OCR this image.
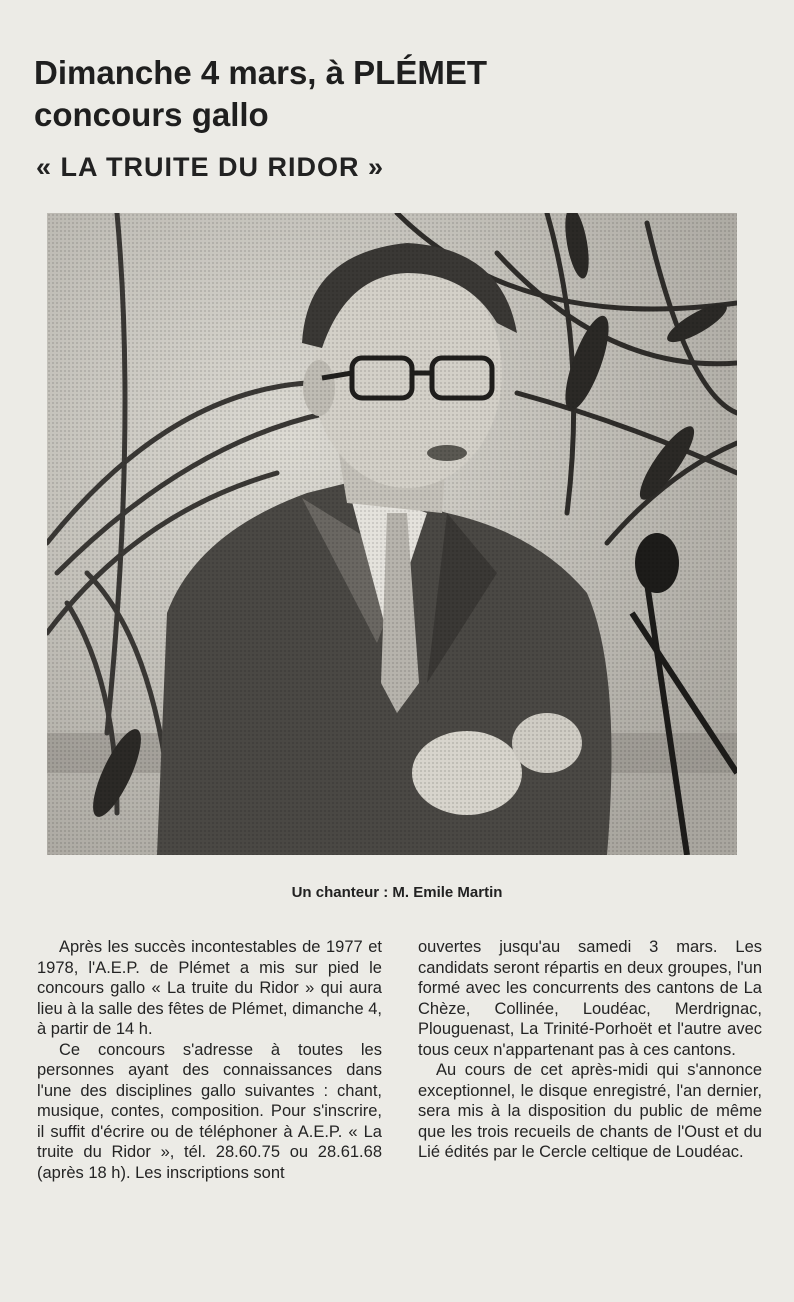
Dimanche 4 mars, à PLÉMET
concours gallo
« LA TRUITE DU RIDOR »
Un chanteur : M. Emile Martin

Après les succès incontestables de 1977 et 1978, l'A.E.P. de Plémet a mis sur pied le concours gallo « La truite du Ridor » qui aura lieu à la salle des fêtes de Plémet, dimanche 4, à partir de 14 h.

Ce concours s'adresse à toutes les personnes ayant des connaissances dans l'une des disciplines gallo suivantes : chant, musique, contes, composition. Pour s'inscrire, il suffit d'écrire ou de téléphoner à A.E.P. « La truite du Ridor », tél. 28.60.75 ou 28.61.68 (après 18 h). Les inscriptions sont

ouvertes jusqu'au samedi 3 mars. Les candidats seront répartis en deux groupes, l'un formé avec les concurrents des cantons de La Chèze, Collinée, Loudéac, Merdrignac, Plouguenast, La Trinité-Porhoët et l'autre avec tous ceux n'appartenant pas à ces cantons.

Au cours de cet après-midi qui s'annonce exceptionnel, le disque enregistré, l'an dernier, sera mis à la disposition du public de même que les trois recueils de chants de l'Oust et du Lié édités par le Cercle celtique de Loudéac.
